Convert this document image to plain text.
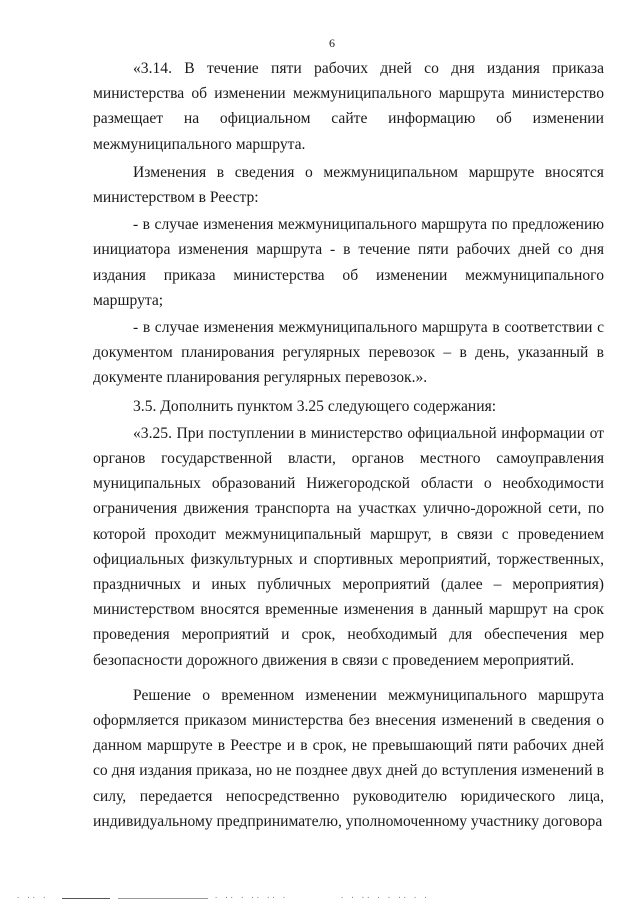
6

«3.14. В течение пяти рабочих дней со дня издания приказа министерства об изменении межмуниципального маршрута министерство размещает на официальном сайте информацию об изменении межмуниципального маршрута.

Изменения в сведения о межмуниципальном маршруте вносятся министерством в Реестр:

- в случае изменения межмуниципального маршрута по предложению инициатора изменения маршрута - в течение пяти рабочих дней со дня издания приказа министерства об изменении межмуниципального маршрута;

- в случае изменения межмуниципального маршрута в соответствии с документом планирования регулярных перевозок – в день, указанный в документе планирования регулярных перевозок.».

3.5. Дополнить пунктом 3.25 следующего содержания:

«3.25. При поступлении в министерство официальной информации от органов государственной власти, органов местного самоуправления муниципальных образований Нижегородской области о необходимости ограничения движения транспорта на участках улично-дорожной сети, по которой проходит межмуниципальный маршрут, в связи с проведением официальных физкультурных и спортивных мероприятий, торжественных, праздничных и иных публичных мероприятий (далее – мероприятия) министерством вносятся временные изменения в данный маршрут на срок проведения мероприятий и срок, необходимый для обеспечения мер безопасности дорожного движения в связи с проведением мероприятий.

Решение о временном изменении межмуниципального маршрута оформляется приказом министерства без внесения изменений в сведения о данном маршруте в Реестре и в срок, не превышающий пяти рабочих дней со дня издания приказа, но не позднее двух дней до вступления изменений в силу, передается непосредственно руководителю юридического лица, индивидуальному предпринимателю, уполномоченному участнику договора

· ·· ·	· ·· · ·· ·· ·	· · ·· · · ·· · ·
